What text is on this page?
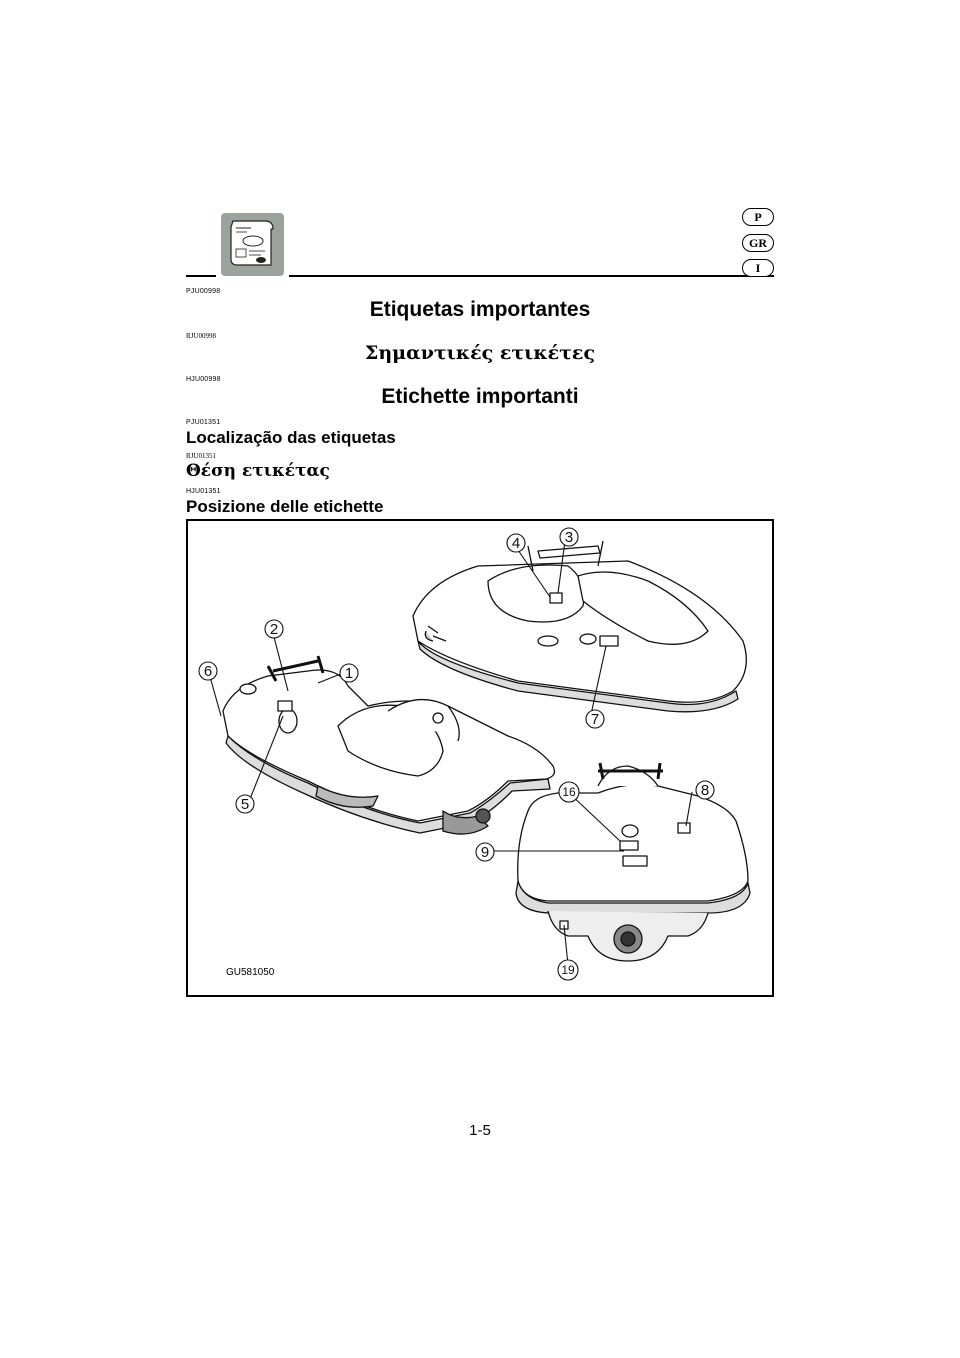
P
GR
I
PJU00998
Etiquetas importantes
RJU00998
Σημαντικές ετικέτες
HJU00998
Etichette importanti
PJU01351
Localização das etiquetas
RJU01351
Θέση ετικέτας
HJU01351
Posizione delle etichette
1
2
3
4
5
6
7
8
9
16
19
GU581050
1-5
